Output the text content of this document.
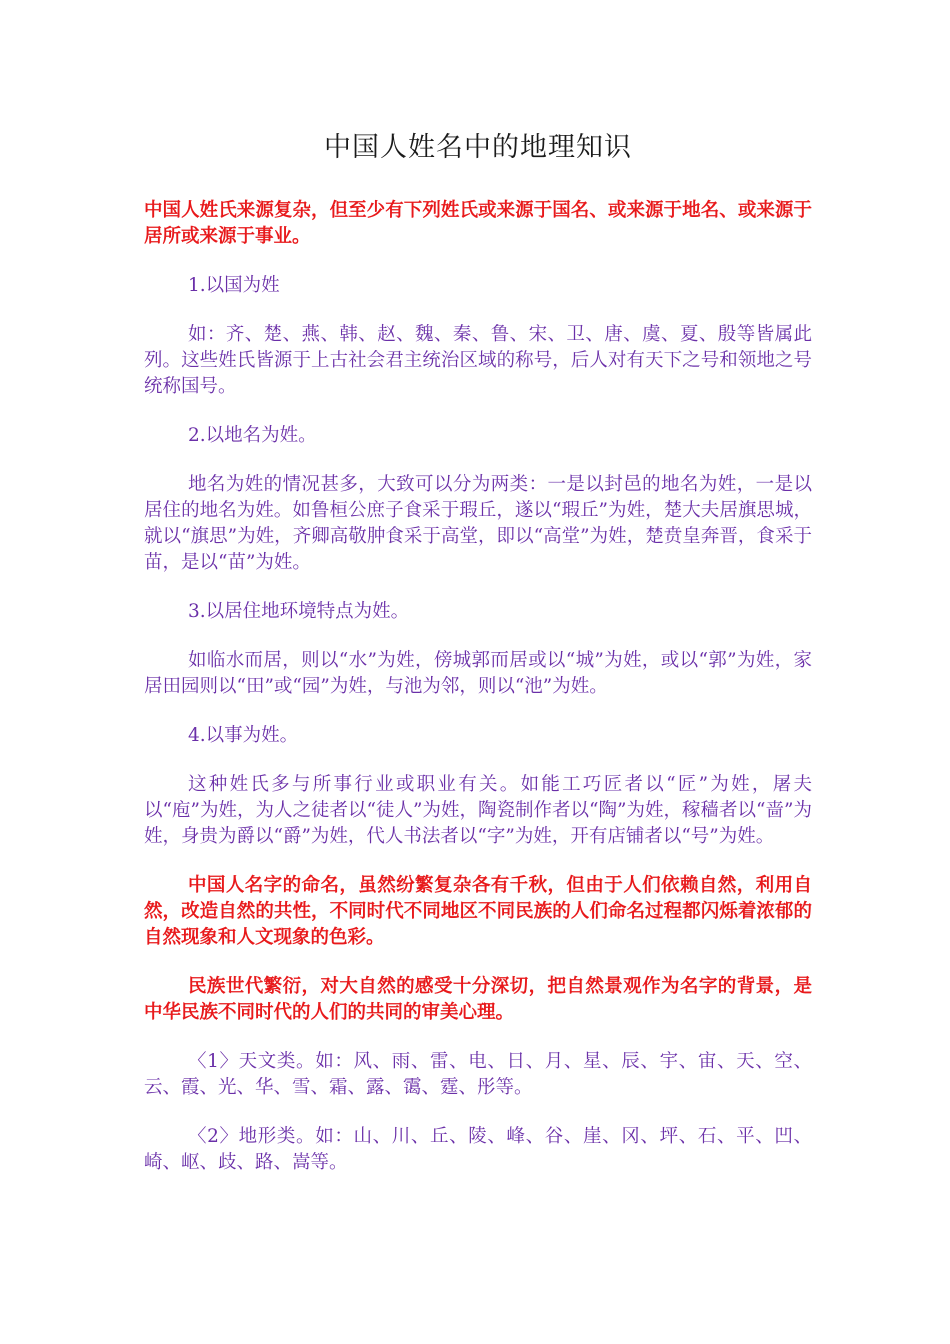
中国人姓名中的地理知识

中国人姓氏来源复杂，但至少有下列姓氏或来源于国名、或来源于地名、或来源于居所或来源于事业。

1.以国为姓

如：齐、楚、燕、韩、赵、魏、秦、鲁、宋、卫、唐、虞、夏、殷等皆属此列。这些姓氏皆源于上古社会君主统治区域的称号，后人对有天下之号和领地之号统称国号。

2.以地名为姓。

地名为姓的情况甚多，大致可以分为两类：一是以封邑的地名为姓，一是以居住的地名为姓。如鲁桓公庶子食采于瑕丘，遂以“瑕丘”为姓，楚大夫居旗思城，就以“旗思”为姓，齐卿高敬肿食采于高堂，即以“高堂”为姓，楚贲皇奔晋，食采于苗，是以“苗”为姓。

3.以居住地环境特点为姓。

如临水而居，则以“水”为姓，傍城郭而居或以“城”为姓，或以“郭”为姓，家居田园则以“田”或“园”为姓，与池为邻，则以“池”为姓。

4.以事为姓。

这种姓氏多与所事行业或职业有关。如能工巧匠者以“匠”为姓，屠夫以“庖”为姓，为人之徒者以“徒人”为姓，陶瓷制作者以“陶”为姓，稼穑者以“啬”为姓，身贵为爵以“爵”为姓，代人书法者以“字”为姓，开有店铺者以“号”为姓。

中国人名字的命名，虽然纷繁复杂各有千秋，但由于人们依赖自然，利用自然，改造自然的共性，不同时代不同地区不同民族的人们命名过程都闪烁着浓郁的自然现象和人文现象的色彩。

民族世代繁衍，对大自然的感受十分深切，把自然景观作为名字的背景，是中华民族不同时代的人们的共同的审美心理。

〈1〉天文类。如：风、雨、雷、电、日、月、星、辰、宇、宙、天、空、云、霞、光、华、雪、霜、露、霭、霆、彤等。

〈2〉地形类。如：山、川、丘、陵、峰、谷、崖、冈、坪、石、平、凹、崎、岖、歧、路、嵩等。
